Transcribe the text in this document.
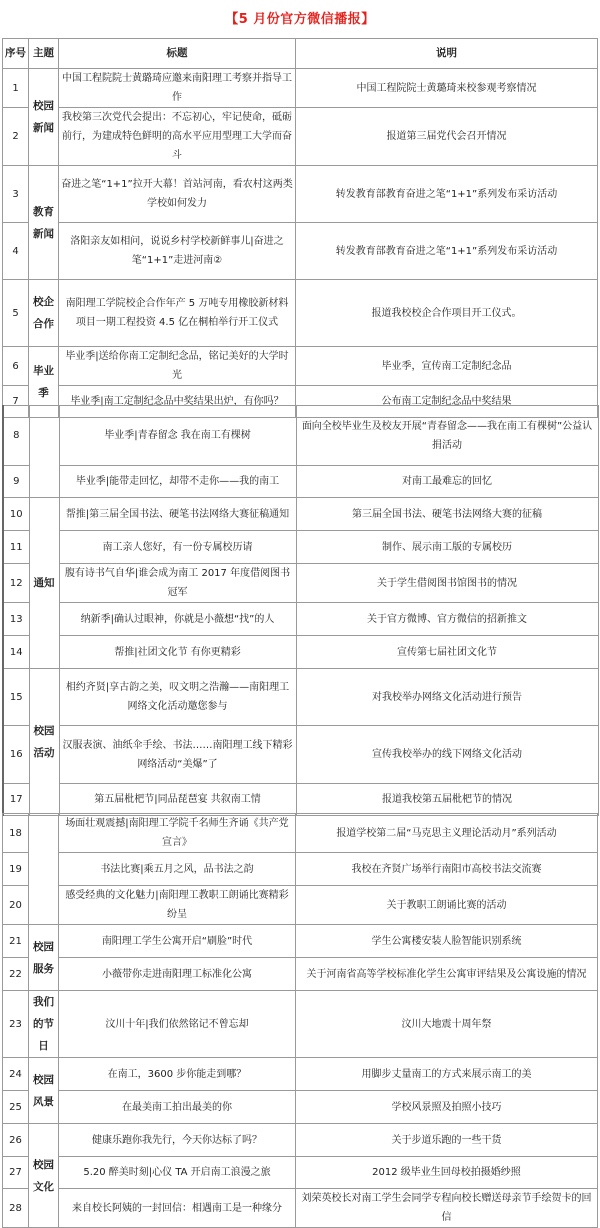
【5 月份官方微信播报】
序号	主题	标题	说明
1	校园新闻	中国工程院院士黄璐琦应邀来南阳理工考察并指导工作	中国工程院院士黄璐琦来校参观考察情况
2		我校第三次党代会提出：不忘初心，牢记使命，砥砺前行，为建成特色鲜明的高水平应用型理工大学而奋斗	报道第三届党代会召开情况
3	教育新闻	奋进之笔“1+1”拉开大幕！首站河南，看农村这两类学校如何发力	转发教育部教育奋进之笔“1+1”系列发布采访活动
4		洛阳亲友如相问，说说乡村学校新鲜事儿|奋进之笔“1+1”走进河南②	转发教育部教育奋进之笔“1+1”系列发布采访活动
5	校企合作	南阳理工学院校企合作年产 5 万吨专用橡胶新材料项目一期工程投资 4.5 亿在桐柏举行开工仪式	报道我校校企合作项目开工仪式。
6	毕业季	毕业季|送给你南工定制纪念品，铭记美好的大学时光	毕业季，宣传南工定制纪念品
7		毕业季|南工定制纪念品中奖结果出炉，有你吗？	公布南工定制纪念品中奖结果
8		毕业季|青春留念 我在南工有棵树	面向全校毕业生及校友开展“青春留念——我在南工有棵树”公益认捐活动
9		毕业季|能带走回忆，却带不走你——我的南工	对南工最难忘的回忆
10	通知	帮推|第三届全国书法、硬笔书法网络大赛征稿通知	第三届全国书法、硬笔书法网络大赛的征稿
11		南工亲人您好，有一份专属校历请	制作、展示南工版的专属校历
12		腹有诗书气自华|谁会成为南工 2017 年度借阅图书冠军	关于学生借阅图书馆图书的情况
13		纳新季|确认过眼神，你就是小薇想“找”的人	关于官方微博、官方微信的招新推文
14		帮推|社团文化节 有你更精彩	宣传第七届社团文化节
15	校园活动	相约齐贤|享古韵之美，叹文明之浩瀚——南阳理工网络文化活动邀您参与	对我校举办网络文化活动进行预告
16		汉服表演、油纸伞手绘、书法……南阳理工线下精彩网络活动“美爆”了	宣传我校举办的线下网络文化活动
17		第五届枇杷节|同品琵琶宴 共叙南工情	报道我校第五届枇杷节的情况
18		场面壮观震撼|南阳理工学院千名师生齐诵《共产党宣言》	报道学校第二届“马克思主义理论活动月”系列活动
19		书法比赛|乘五月之风，品书法之韵	我校在齐贤广场举行南阳市高校书法交流赛
20		感受经典的文化魅力|南阳理工教职工朗诵比赛精彩纷呈	关于教职工朗诵比赛的活动
21	校园服务	南阳理工学生公寓开启“刷脸”时代	学生公寓楼安装人脸智能识别系统
22		小薇带你走进南阳理工标准化公寓	关于河南省高等学校标准化学生公寓审评结果及公寓设施的情况
23	我们的节日	汶川十年|我们依然铭记不曾忘却	汶川大地震十周年祭
24	校园风景	在南工，3600 步你能走到哪？	用脚步丈量南工的方式来展示南工的美
25		在最美南工拍出最美的你	学校风景照及拍照小技巧
26	校园文化	健康乐跑你我先行，今天你达标了吗？	关于步道乐跑的一些干货
27		5.20 醉美时刻|心仪 TA 开启南工浪漫之旅	2012 级毕业生回母校拍摄婚纱照
28		来自校长阿姨的一封回信：相遇南工是一种缘分	刘荣英校长对南工学生会同学专程向校长赠送母亲节手绘贺卡的回信
